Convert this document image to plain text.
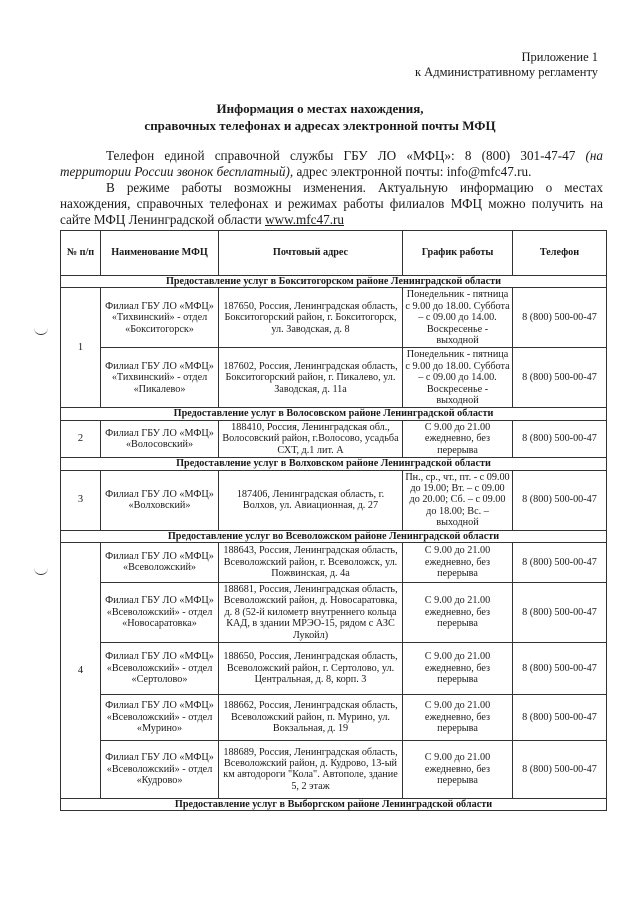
Приложение 1
к Административному регламенту
Информация о местах нахождения,
справочных телефонах и адресах электронной почты МФЦ

Телефон единой справочной службы ГБУ ЛО «МФЦ»: 8 (800) 301-47-47 (на территории России звонок бесплатный), адрес электронной почты: info@mfc47.ru.

В режиме работы возможны изменения. Актуальную информацию о местах нахождения, справочных телефонах и режимах работы филиалов МФЦ можно получить на сайте МФЦ Ленинградской области www.mfc47.ru

№ п/п	Наименование МФЦ	Почтовый адрес	График работы	Телефон
Предоставление услуг в Бокситогорском районе Ленинградской области				
1	Филиал ГБУ ЛО «МФЦ» «Тихвинский» - отдел «Бокситогорск»	187650, Россия, Ленинградская область, Бокситогорский район, г. Бокситогорск, ул. Заводская, д. 8	Понедельник - пятница с 9.00 до 18.00. Суббота – с 09.00 до 14.00. Воскресенье - выходной	8 (800) 500-00-47
	Филиал ГБУ ЛО «МФЦ» «Тихвинский» - отдел «Пикалево»	187602, Россия, Ленинградская область, Бокситогорский район, г. Пикалево, ул. Заводская, д. 11а	Понедельник - пятница с 9.00 до 18.00. Суббота – с 09.00 до 14.00. Воскресенье - выходной	8 (800) 500-00-47
Предоставление услуг в Волосовском районе Ленинградской области				
2	Филиал ГБУ ЛО «МФЦ» «Волосовский»	188410, Россия, Ленинградская обл., Волосовский район, г.Волосово, усадьба СХТ, д.1 лит. А	С 9.00 до 21.00 ежедневно, без перерыва	8 (800) 500-00-47
Предоставление услуг в Волховском районе Ленинградской области				
3	Филиал ГБУ ЛО «МФЦ» «Волховский»	187406, Ленинградская область, г. Волхов, ул. Авиационная, д. 27	Пн., ср., чт., пт. - с 09.00 до 19.00; Вт. – с 09.00 до 20.00; Сб. – с 09.00 до 18.00; Вс. – выходной	8 (800) 500-00-47
Предоставление услуг во Всеволожском районе Ленинградской области				
4	Филиал ГБУ ЛО «МФЦ» «Всеволожский»	188643, Россия, Ленинградская область, Всеволожский район, г. Всеволожск, ул. Пожвинская, д. 4а	С 9.00 до 21.00 ежедневно, без перерыва	8 (800) 500-00-47
	Филиал ГБУ ЛО «МФЦ» «Всеволожский» - отдел «Новосаратовка»	188681, Россия, Ленинградская область, Всеволожский район, д. Новосаратовка, д. 8 (52-й километр внутреннего кольца КАД, в здании МРЭО-15, рядом с АЗС Лукойл)	С 9.00 до 21.00 ежедневно, без перерыва	8 (800) 500-00-47
	Филиал ГБУ ЛО «МФЦ» «Всеволожский» - отдел «Сертолово»	188650, Россия, Ленинградская область, Всеволожский район, г. Сертолово, ул. Центральная, д. 8, корп. 3	С 9.00 до 21.00 ежедневно, без перерыва	8 (800) 500-00-47
	Филиал ГБУ ЛО «МФЦ» «Всеволожский» - отдел «Мурино»	188662, Россия, Ленинградская область, Всеволожский район, п. Мурино, ул. Вокзальная, д. 19	С 9.00 до 21.00 ежедневно, без перерыва	8 (800) 500-00-47
	Филиал ГБУ ЛО «МФЦ» «Всеволожский» - отдел «Кудрово»	188689, Россия, Ленинградская область, Всеволожский район, д. Кудрово, 13-ый км автодороги "Кола". Автополе, здание 5, 2 этаж	С 9.00 до 21.00 ежедневно, без перерыва	8 (800) 500-00-47
Предоставление услуг в Выборгском районе Ленинградской области				
